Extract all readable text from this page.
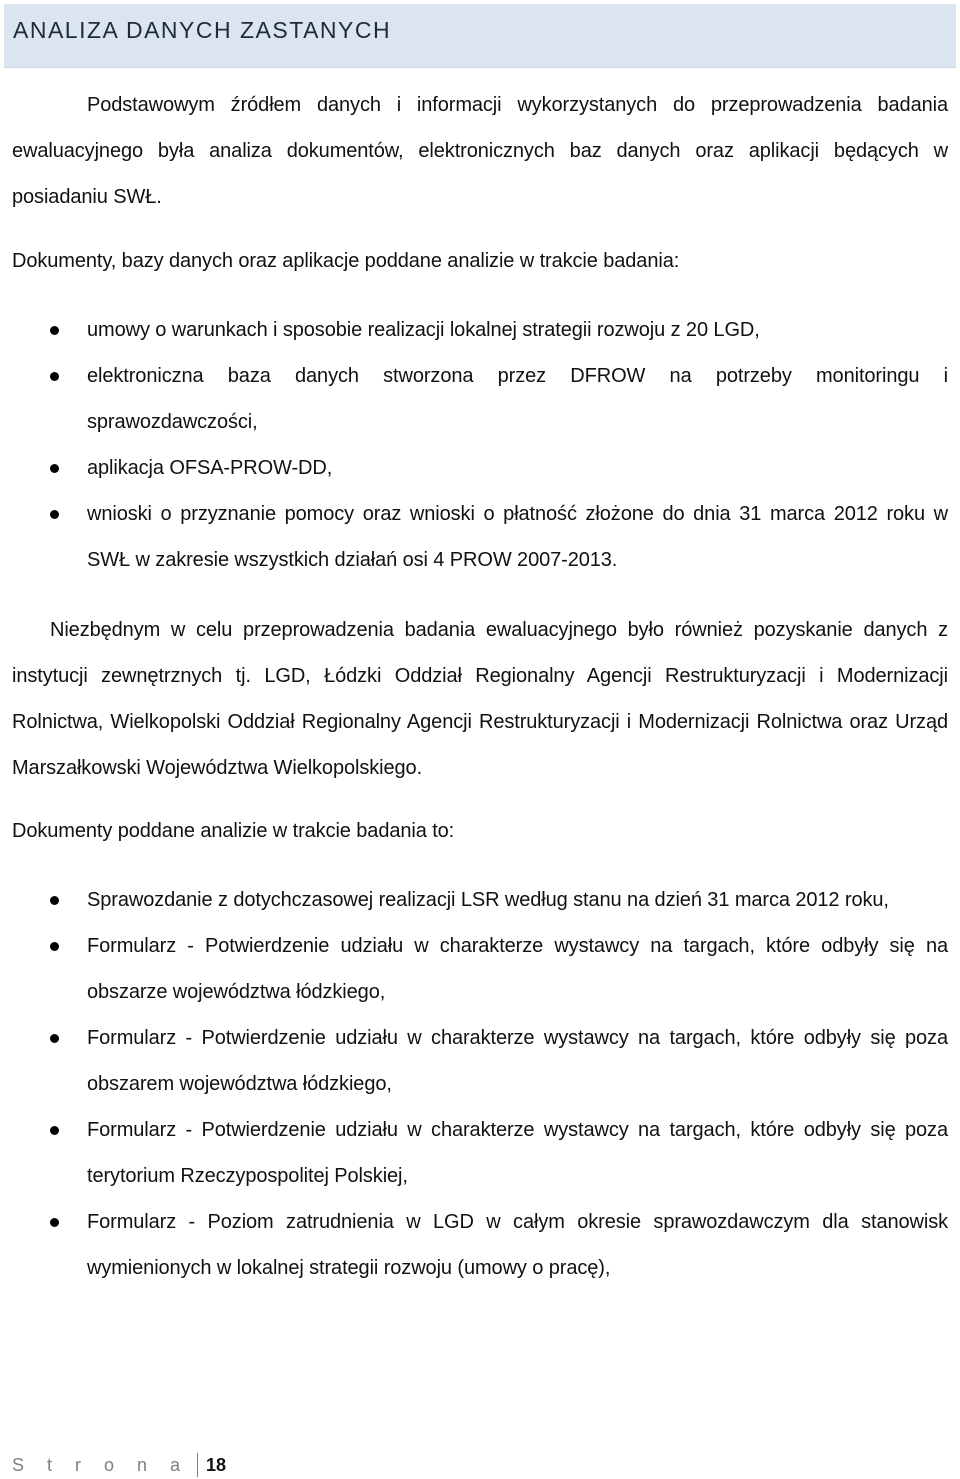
ANALIZA DANYCH ZASTANYCH

Podstawowym źródłem danych i informacji wykorzystanych do przeprowadzenia badania ewaluacyjnego była analiza dokumentów, elektronicznych baz danych oraz aplikacji będących w posiadaniu SWŁ.

Dokumenty, bazy danych oraz aplikacje poddane analizie w trakcie badania:

umowy o warunkach i sposobie realizacji lokalnej strategii rozwoju z 20 LGD,
elektroniczna baza danych stworzona przez DFROW na potrzeby monitoringu i sprawozdawczości,
aplikacja OFSA-PROW-DD,
wnioski o przyznanie pomocy oraz wnioski o płatność złożone do dnia 31 marca 2012 roku w SWŁ w zakresie wszystkich działań osi 4 PROW 2007-2013.

Niezbędnym w celu przeprowadzenia badania ewaluacyjnego było również pozyskanie danych z instytucji zewnętrznych tj. LGD, Łódzki Oddział Regionalny Agencji Restrukturyzacji i Modernizacji Rolnictwa, Wielkopolski Oddział Regionalny Agencji Restrukturyzacji i Modernizacji Rolnictwa oraz Urząd Marszałkowski Województwa Wielkopolskiego.

Dokumenty poddane analizie w trakcie badania to:

Sprawozdanie z dotychczasowej realizacji LSR według stanu na dzień 31 marca 2012 roku,
Formularz - Potwierdzenie udziału w charakterze wystawcy na targach, które odbyły się na obszarze województwa łódzkiego,
Formularz - Potwierdzenie udziału w charakterze wystawcy na targach, które odbyły się poza obszarem województwa łódzkiego,
Formularz - Potwierdzenie udziału w charakterze wystawcy na targach, które odbyły się poza terytorium Rzeczypospolitej Polskiej,
Formularz - Poziom zatrudnienia w LGD w całym okresie sprawozdawczym dla stanowisk wymienionych w lokalnej strategii rozwoju (umowy o pracę),
S t r o n a 18
